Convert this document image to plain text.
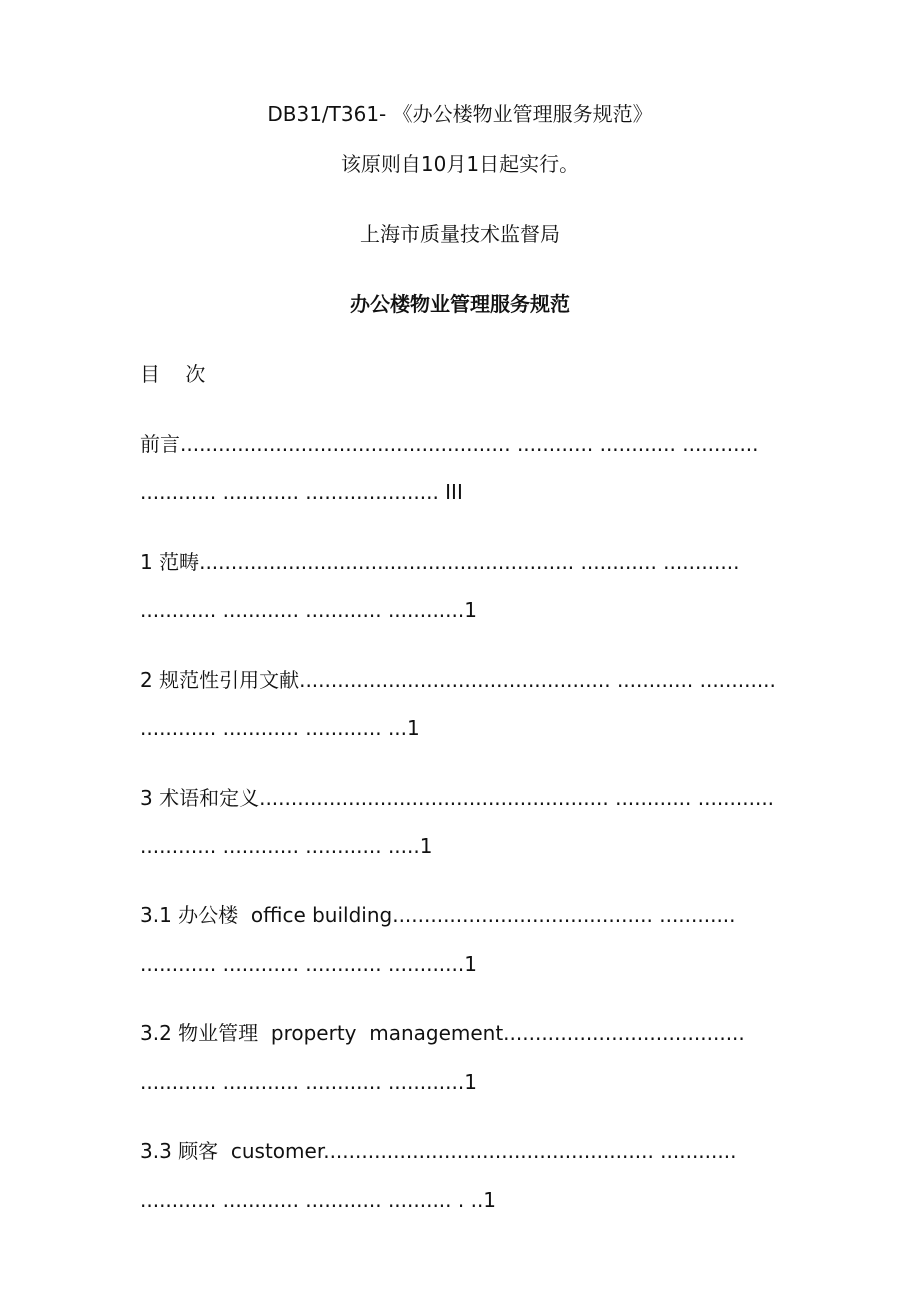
DB31/T361- 《办公楼物业管理服务规范》
该原则自10月1日起实行。
上海市质量技术监督局
办公楼物业管理服务规范
目    次
前言.................................................... ............ ............ ............
............ ............ ..................... III
1 范畴........................................................... ............ ............
............ ............ ............ ............1
2 规范性引用文献................................................. ............ ............
............ ............ ............ ...1
3 术语和定义....................................................... ............ ............
............ ............ ............ .....1
3.1 办公楼  office building......................................... ............
............ ............ ............ ............1
3.2 物业管理  property  management......................................
............ ............ ............ ............1
3.3 顾客  customer.................................................... ............
............ ............ ............ .......... . ..1
